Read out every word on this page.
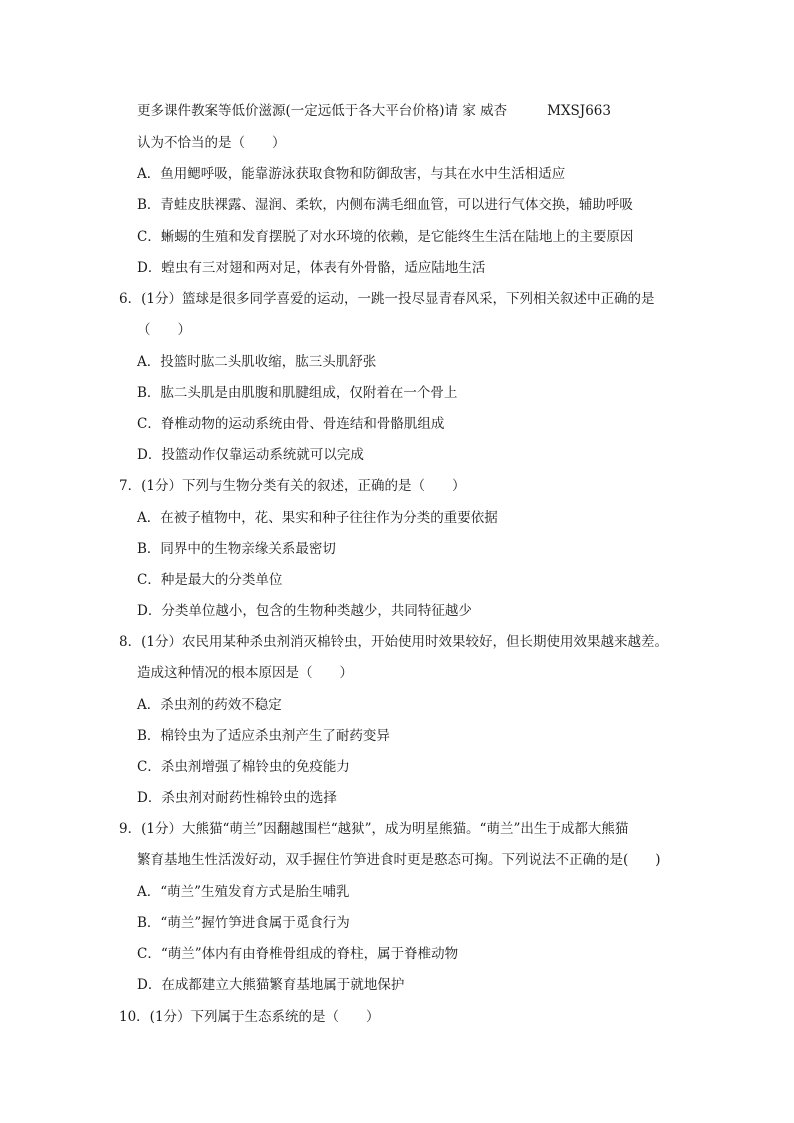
更多课件教案等低价滋源(一定远低于各大平台价格)请 家 威杏	MXSJ663
认为不恰当的是（　　）
A．鱼用鳃呼吸，能靠游泳获取食物和防御敌害，与其在水中生活相适应
B．青蛙皮肤裸露、湿润、柔软，内侧布满毛细血管，可以进行气体交换，辅助呼吸
C．蜥蜴的生殖和发育摆脱了对水环境的依赖，是它能终生生活在陆地上的主要原因
D．蝗虫有三对翅和两对足，体表有外骨骼，适应陆地生活
6．(1分）篮球是很多同学喜爱的运动，一跳一投尽显青春风采，下列相关叙述中正确的是
（　　）
A．投篮时肱二头肌收缩，肱三头肌舒张
B．肱二头肌是由肌腹和肌腱组成，仅附着在一个骨上
C．脊椎动物的运动系统由骨、骨连结和骨骼肌组成
D．投篮动作仅靠运动系统就可以完成
7．(1分）下列与生物分类有关的叙述，正确的是（　　）
A．在被子植物中，花、果实和种子往往作为分类的重要依据
B．同界中的生物亲缘关系最密切
C．种是最大的分类单位
D．分类单位越小，包含的生物种类越少，共同特征越少
8．(1分）农民用某种杀虫剂消灭棉铃虫，开始使用时效果较好，但长期使用效果越来越差。
造成这种情况的根本原因是（　　）
A．杀虫剂的药效不稳定
B．棉铃虫为了适应杀虫剂产生了耐药变异
C．杀虫剂增强了棉铃虫的免疫能力
D．杀虫剂对耐药性棉铃虫的选择
9．(1分）大熊猫“萌兰”因翻越围栏“越狱”，成为明星熊猫。“萌兰”出生于成都大熊猫
繁育基地生性活泼好动，双手握住竹笋进食时更是憨态可掬。下列说法不正确的是(　　)
A．“萌兰”生殖发育方式是胎生哺乳
B．“萌兰”握竹笋进食属于觅食行为
C．“萌兰”体内有由脊椎骨组成的脊柱，属于脊椎动物
D．在成都建立大熊猫繁育基地属于就地保护
10．(1分）下列属于生态系统的是（　　）
